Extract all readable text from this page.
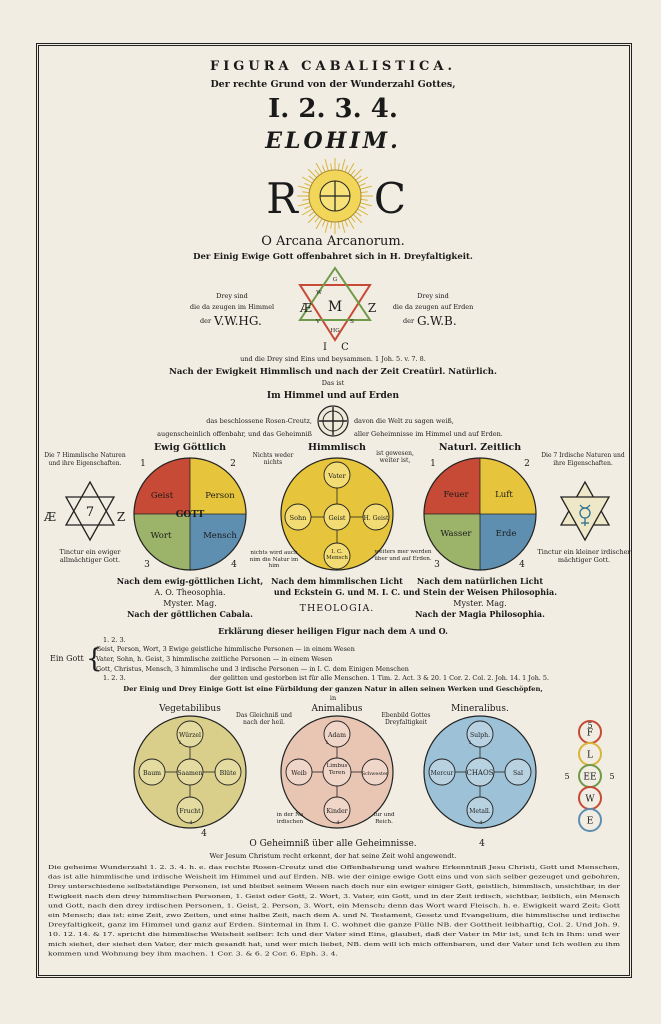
FIGURA CABALISTICA.
Der rechte Grund von der Wunderzahl Gottes,
I. 2. 3. 4.
ELOHIM.
R C
O Arcana Arcanorum.
Der Einig Ewige Gott offenbahret sich in H. Dreyfaltigkeit.
Drey sind
die da zeugen im Himmel
der V.W.HG.
Drey sind
die da zeugen auf Erden
der G.W.B.
Æ M Z
G
W
V	S
HG
I C
und die Drey sind Eins und beysammen. 1 Joh. 5. v. 7. 8.
Nach der Ewigkeit Himmlisch und nach der Zeit Creatürl. Natürlich.
Das ist
Im Himmel und auf Erden
das beschlossene Rosen-Creutz,	davon die Welt zu sagen weiß,
augenscheinlich offenbahr, und das Geheimniß	aller Geheimnisse im Himmel und auf Erden.
Ewig Göttlich	Himmlisch	Naturl. Zeitlich
Die 7 Himmlische Naturen und ihre Eigenschaften.
Die 7 Irdische Naturen und ihre Eigenschaften.
Nichts weder nichts
ist gewesen, weiter ist,
7
Æ	Z
Tinctur ein ewiger allmächtiger Gott.
Geist	Person
Wort	Mensch
GOTT
1	2
3	4
Vater
Sohn	Geist	H. Geist
I. C. Mensch
nichts wird auch nim die Natur im him
weiters mer werden über und auf Erden.
Feuer	Luft
Wasser	Erde
1	2
3	4
Tinctur ein kleiner irdischer mächtiger Gott.
Nach dem ewig-göttlichen Licht,
A. O. Theosophia.
Myster. Mag.
Nach der göttlichen Cabala.
Nach dem himmlischen Licht
und Eckstein G. und M. I. C.
THEOLOGIA.
Nach dem natürlichen Licht
und Stein der Weisen Philosophia.
Myster. Mag.
Nach der Magia Philosophia.
Erklärung dieser heiligen Figur nach dem A und O.
1. 2. 3.
Ein Gott {
Geist, Person, Wort, 3 Ewige geistliche himmlische Personen — in einem Wesen
Vater, Sohn, h. Geist, 3 himmlische zeitliche Personen — in einem Wesen
Gott, Christus, Mensch, 3 himmlische und 3 irdische Personen — in I. C. dem Einigen Menschen
1. 2. 3.	der gelitten und gestorben ist für alle Menschen. 1 Tim. 2. Act. 3 & 20. 1 Cor. 2. Col. 2. Joh. 14. 1 Joh. 5.
Der Einig und Drey Einige Gott ist eine Fürbildung der ganzen Natur in allen seinen Werken und Geschöpfen,
in
Vegetabilibus	Animalibus	Mineralibus.
Das Gleichniß und nach der heil.
Ebenbild Gottes Dreyfaltigkeit
Würzel
Baum	Saamen	Blüte
Frucht
Adam
Weib
Limbus Teren	Schwester
Kinder
Sulph.
Mercur CHAOS	Sal
Metall.
1	1	1
4	4	4
4
4
in der Na irdischen
tur und Reich.
O Geheimniß über alle Geheimnisse.
Wer Jesum Christum recht erkennt, der hat seine Zeit wohl angewendt.
F
L
EE
W
E
5	5
5
Die geheime Wunderzahl 1. 2. 3. 4. h. e. das rechte Rosen-Creutz und die Offenbahrung und wahre Erkenntniß Jesu Christi, Gott und Menschen,
das ist alle himmlische und irdische Weisheit im Himmel und auf Erden. NB. wie der einige ewige Gott eins und von sich selber gezeuget und gebohren,
Drey unterschiedene selbstständige Personen, ist und bleibet seinem Wesen nach doch nur ein ewiger einiger Gott, geistlich, himmlisch, unsichtbar, in der
Ewigkeit nach den drey himmlischen Personen, 1. Geist oder Gott, 2. Wort, 3. Vater, ein Gott, und in der Zeit irdisch, sichtbar, leiblich, ein Mensch
und Gott, nach den drey irdischen Personen, 1. Geist, 2. Person, 3. Wort, ein Mensch; denn das Wort ward Fleisch. h. e. Ewigkeit ward Zeit; Gott
ein Mensch; das ist: eine Zeit, zwo Zeiten, und eine halbe Zeit, nach dem A. und N. Testament, Gesetz und Evangelium, die himmlische und irdische
Dreyfaltigkeit, ganz im Himmel und ganz auf Erden. Sintemal in Ihm I. C. wohnet die ganze Fülle NB. der Gottheit leibhaftig, Col. 2. Und Joh. 9.
10. 12. 14. & 17. spricht die himmlische Weisheit selber: Ich und der Vater sind Eins, glaubet, daß der Vater in Mir ist, und Ich in Ihm: und wer
mich siehet, der siehet den Vater, der mich gesandt hat, und wer mich liebet, NB. dem will ich mich offenbaren, und der Vater und Ich wollen zu ihm
kommen und Wohnung bey ihm machen. 1 Cor. 3. & 6. 2 Cor. 6. Eph. 3. 4.
